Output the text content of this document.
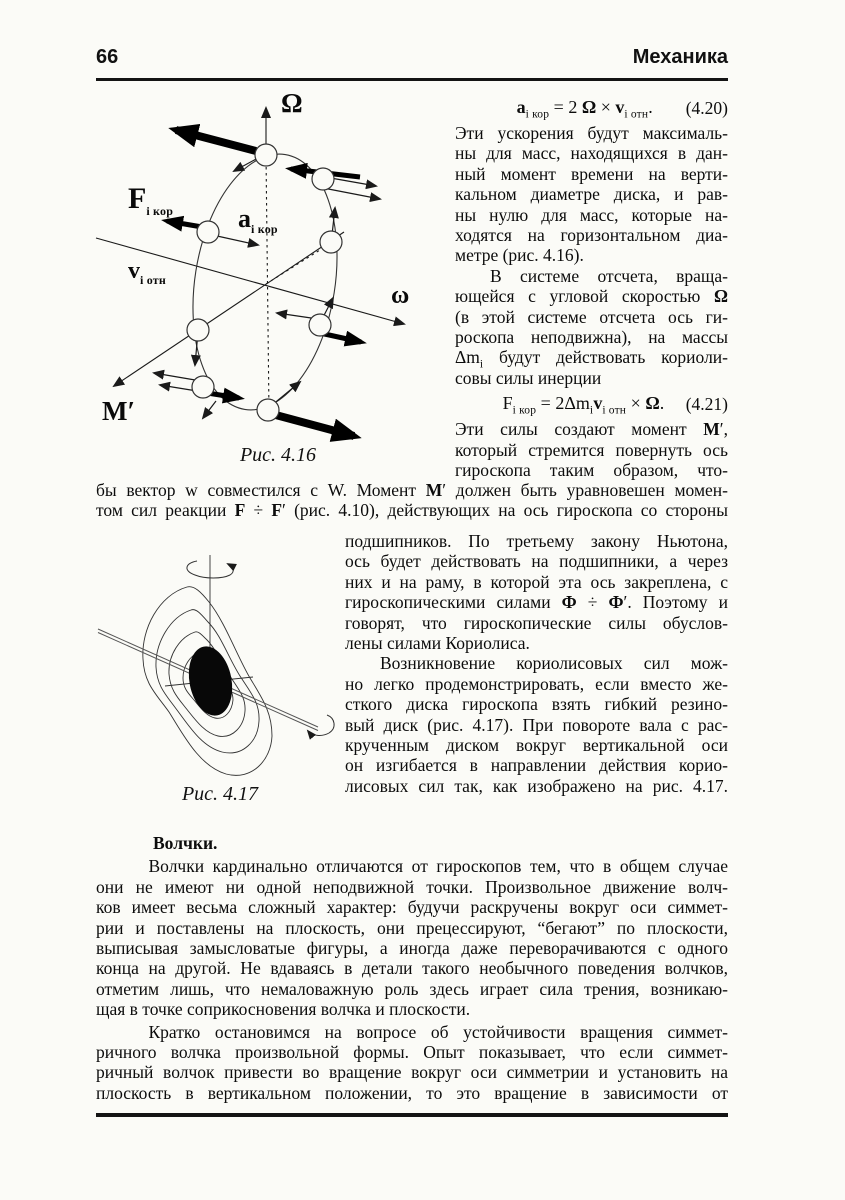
66	Механика
Ω
$F_{i кор}$ $a_{i кор}$
$v_{i отн}$
ω
M′
Рис. 4.16
$a_{i кор} = 2$ $\Omega \times v_{i отн}$. (4.20)
Эти ускорения будут максималь-
ны для масс, находящихся в дан-
ный момент времени на верти-
кальном диаметре диска, и рав-
ны нулю для масс, которые на-
ходятся на горизонтальном диа-
метре (рис. 4.16).
  В системе отсчета, враща-
ющейся с угловой скоростью Ω
(в этой системе отсчета ось ги-
роскопа неподвижна), на массы
$\Delta m_i$ будут действовать кориоли-
совы силы инерции
$F_{i кор} = 2\Delta m_iv_{i отн} \times \Omega$. (4.21)
Эти силы создают момент M′,
который стремится повернуть ось
гироскопа таким образом, что-
бы вектор w совместился с W. Момент M′ должен быть уравновешен момен-
том сил реакции F ÷ F′ (рис. 4.10), действующих на ось гироскопа со стороны
Рис. 4.17
подшипников. По третьему закону Ньютона,
ось будет действовать на подшипники, а через
них и на раму, в которой эта ось закреплена, с
гироскопическими силами Ф ÷ Ф′. Поэтому и
говорят, что гироскопические силы обуслов-
лены силами Кориолиса.
  Возникновение кориолисовых сил мож-
но легко продемонстрировать, если вместо же-
сткого диска гироскопа взять гибкий резино-
вый диск (рис. 4.17). При повороте вала с рас-
крученным диском вокруг вертикальной оси
он изгибается в направлении действия корио-
лисовых сил так, как изображено на рис. 4.17.
Волчки.
   Волчки кардинально отличаются от гироскопов тем, что в общем случае
они не имеют ни одной неподвижной точки. Произвольное движение волч-
ков имеет весьма сложный характер: будучи раскручены вокруг оси симмет-
рии и поставлены на плоскость, они прецессируют, “бегают” по плоскости,
выписывая замысловатые фигуры, а иногда даже переворачиваются с одного
конца на другой. Не вдаваясь в детали такого необычного поведения волчков,
отметим лишь, что немаловажную роль здесь играет сила трения, возникаю-
щая в точке соприкосновения волчка и плоскости.
   Кратко остановимся на вопросе об устойчивости вращения симмет-
ричного волчка произвольной формы. Опыт показывает, что если симмет-
ричный волчок привести во вращение вокруг оси симметрии и установить на
плоскость в вертикальном положении, то это вращение в зависимости от
